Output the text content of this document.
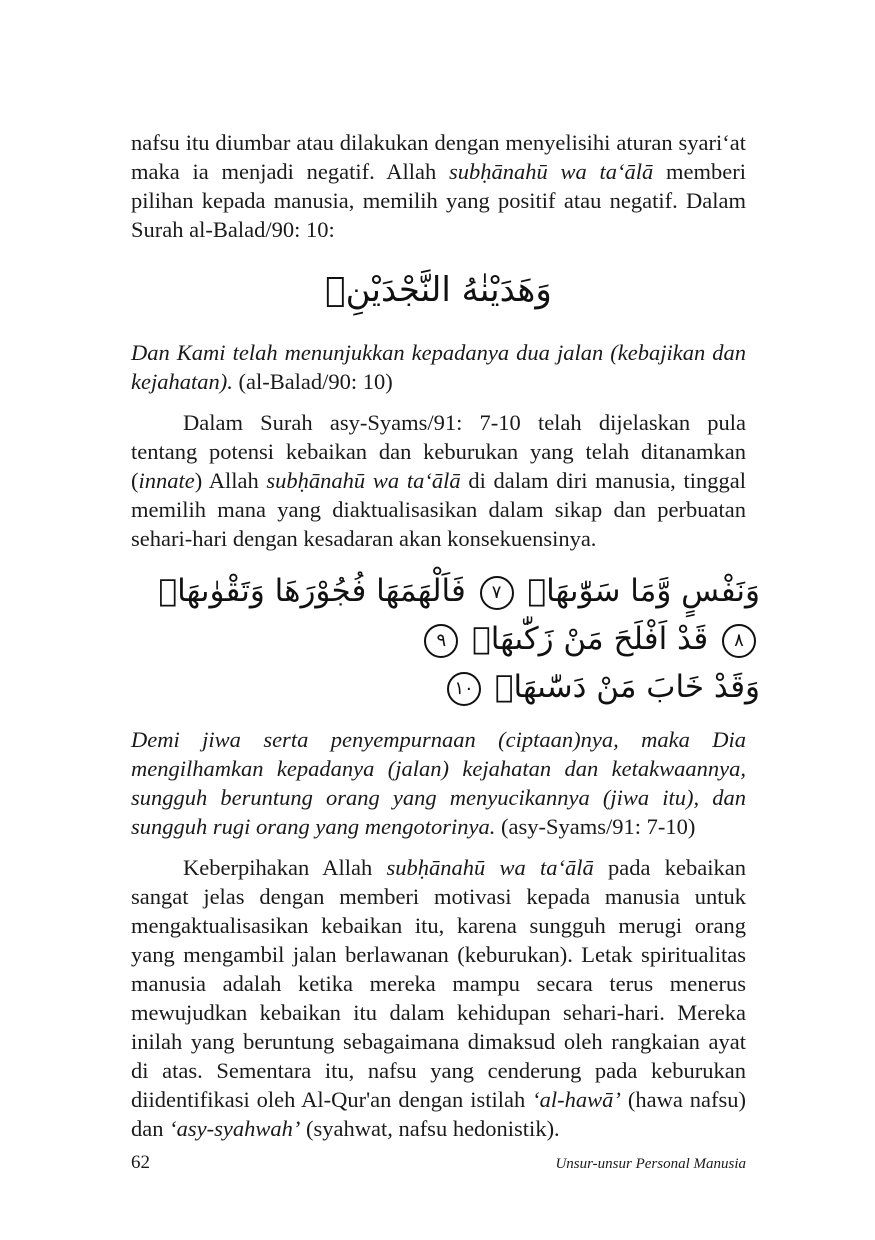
nafsu itu diumbar atau dilakukan dengan menyelisihi aturan syari‘at maka ia menjadi negatif. Allah subḥānahū wa ta‘ālā memberi pilihan kepada manusia, memilih yang positif atau negatif. Dalam Surah al-Balad/90: 10:

وَهَدَيْنٰهُ النَّجْدَيْنِۙ

Dan Kami telah menunjukkan kepadanya dua jalan (kebajikan dan kejahatan). (al-Balad/90: 10)

Dalam Surah asy-Syams/91: 7-10 telah dijelaskan pula tentang potensi kebaikan dan keburukan yang telah ditanamkan (innate) Allah subḥānahū wa ta‘ālā di dalam diri manusia, tinggal memilih mana yang diaktualisasikan dalam sikap dan perbuatan sehari-hari dengan kesadaran akan konsekuensinya.

وَنَفْسٍ وَّمَا سَوّٰىهَاۖ ٧ فَاَلْهَمَهَا فُجُوْرَهَا وَتَقْوٰىهَاۖ ٨ قَدْ اَفْلَحَ مَنْ زَكّٰىهَاۖ ٩
وَقَدْ خَابَ مَنْ دَسّٰىهَاۗ ١٠

Demi jiwa serta penyempurnaan (ciptaan)nya, maka Dia mengilhamkan kepadanya (jalan) kejahatan dan ketakwaannya, sungguh beruntung orang yang menyucikannya (jiwa itu), dan sungguh rugi orang yang mengotorinya. (asy-Syams/91: 7-10)

Keberpihakan Allah subḥānahū wa ta‘ālā pada kebaikan sangat jelas dengan memberi motivasi kepada manusia untuk mengaktualisasikan kebaikan itu, karena sungguh merugi orang yang mengambil jalan berlawanan (keburukan). Letak spiritualitas manusia adalah ketika mereka mampu secara terus menerus mewujudkan kebaikan itu dalam kehidupan sehari-hari. Mereka inilah yang beruntung sebagaimana dimaksud oleh rangkaian ayat di atas. Sementara itu, nafsu yang cenderung pada keburukan diidentifikasi oleh Al-Qur'an dengan istilah ‘al-hawā’ (hawa nafsu) dan ‘asy-syahwah’ (syahwat, nafsu hedonistik).

62	Unsur-unsur Personal Manusia
